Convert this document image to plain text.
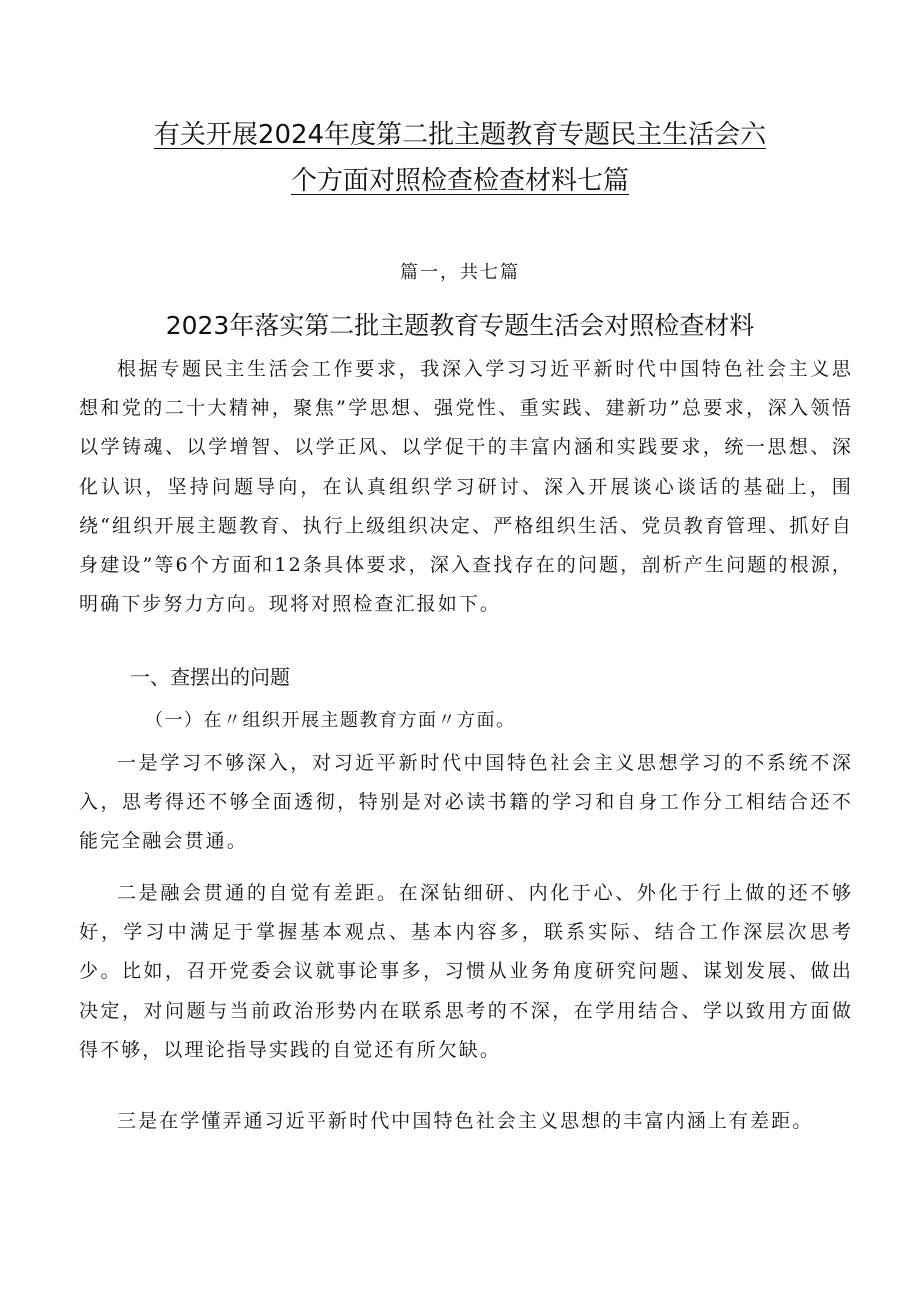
有关开展2024年度第二批主题教育专题民主生活会六
个方面对照检查检查材料七篇
篇一，共七篇
2023年落实第二批主题教育专题生活会对照检查材料

根据专题民主生活会工作要求，我深入学习习近平新时代中国特色社会主义思想和党的二十大精神，聚焦”学思想、强党性、重实践、建新功”总要求，深入领悟以学铸魂、以学增智、以学正风、以学促干的丰富内涵和实践要求，统一思想、深化认识，坚持问题导向，在认真组织学习研讨、深入开展谈心谈话的基础上，围绕“组织开展主题教育、执行上级组织决定、严格组织生活、党员教育管理、抓好自身建设”等6个方面和12条具体要求，深入查找存在的问题，剖析产生问题的根源，明确下步努力方向。现将对照检查汇报如下。

一、查摆出的问题

（一）在〃组织开展主题教育方面〃方面。

一是学习不够深入，对习近平新时代中国特色社会主义思想学习的不系统不深入，思考得还不够全面透彻，特别是对必读书籍的学习和自身工作分工相结合还不能完全融会贯通。

二是融会贯通的自觉有差距。在深钻细研、内化于心、外化于行上做的还不够好，学习中满足于掌握基本观点、基本内容多，联系实际、结合工作深层次思考少。比如，召开党委会议就事论事多，习惯从业务角度研究问题、谋划发展、做出决定，对问题与当前政治形势内在联系思考的不深，在学用结合、学以致用方面做得不够，以理论指导实践的自觉还有所欠缺。

三是在学懂弄通习近平新时代中国特色社会主义思想的丰富内涵上有差距。
